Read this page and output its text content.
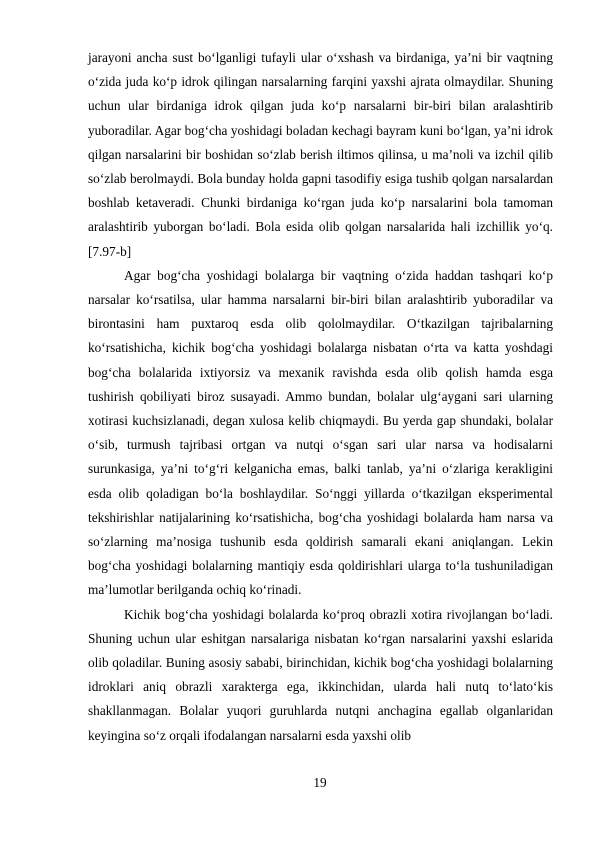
jarayoni ancha sust bo‘lganligi tufayli ular o‘xshash va birdaniga, ya’ni bir vaqtning o‘zida juda ko‘p idrok qilingan narsalarning farqini yaxshi ajrata olmaydilar. Shuning uchun ular birdaniga idrok qilgan juda ko‘p narsalarni bir-biri bilan aralashtirib yuboradilar. Agar bog‘cha yoshidagi boladan kechagi bayram kuni bo‘lgan, ya’ni idrok qilgan narsalarini bir boshidan so‘zlab berish iltimos qilinsa, u ma’noli va izchil qilib so‘zlab berolmaydi. Bola bunday holda gapni tasodifiy esiga tushib qolgan narsalardan boshlab ketaveradi. Chunki birdaniga ko‘rgan juda ko‘p narsalarini bola tamoman aralashtirib yuborgan bo‘ladi. Bola esida olib qolgan narsalarida hali izchillik yo‘q. [7.97-b]

Agar bog‘cha yoshidagi bolalarga bir vaqtning o‘zida haddan tashqari ko‘p narsalar ko‘rsatilsa, ular hamma narsalarni bir-biri bilan aralashtirib yuboradilar va birontasini ham puxtaroq esda olib qololmaydilar. O‘tkazilgan tajribalarning ko‘rsatishicha, kichik bog‘cha yoshidagi bolalarga nisbatan o‘rta va katta yoshdagi bog‘cha bolalarida ixtiyorsiz va mexanik ravishda esda olib qolish hamda esga tushirish qobiliyati biroz susayadi. Ammo bundan, bolalar ulg‘aygani sari ularning xotirasi kuchsizlanadi, degan xulosa kelib chiqmaydi. Bu yerda gap shundaki, bolalar o‘sib, turmush tajribasi ortgan va nutqi o‘sgan sari ular narsa va hodisalarni surunkasiga, ya’ni to‘g‘ri kelganicha emas, balki tanlab, ya’ni o‘zlariga kerakligini esda olib qoladigan bo‘la boshlaydilar. So‘nggi yillarda o‘tkazilgan eksperimental tekshirishlar natijalarining ko‘rsatishicha, bog‘cha yoshidagi bolalarda ham narsa va so‘zlarning ma’nosiga tushunib esda qoldirish samarali ekani aniqlangan. Lekin bog‘cha yoshidagi bolalarning mantiqiy esda qoldirishlari ularga to‘la tushuniladigan ma’lumotlar berilganda ochiq ko‘rinadi.

Kichik bog‘cha yoshidagi bolalarda ko‘proq obrazli xotira rivojlangan bo‘ladi. Shuning uchun ular eshitgan narsalariga nisbatan ko‘rgan narsalarini yaxshi eslarida olib qoladilar. Buning asosiy sababi, birinchidan, kichik bog‘cha yoshidagi bolalarning idroklari aniq obrazli xarakterga ega, ikkinchidan, ularda hali nutq to‘lato‘kis shakllanmagan. Bolalar yuqori guruhlarda nutqni anchagina egallab olganlaridan keyingina so‘z orqali ifodalangan narsalarni esda yaxshi olib

19
